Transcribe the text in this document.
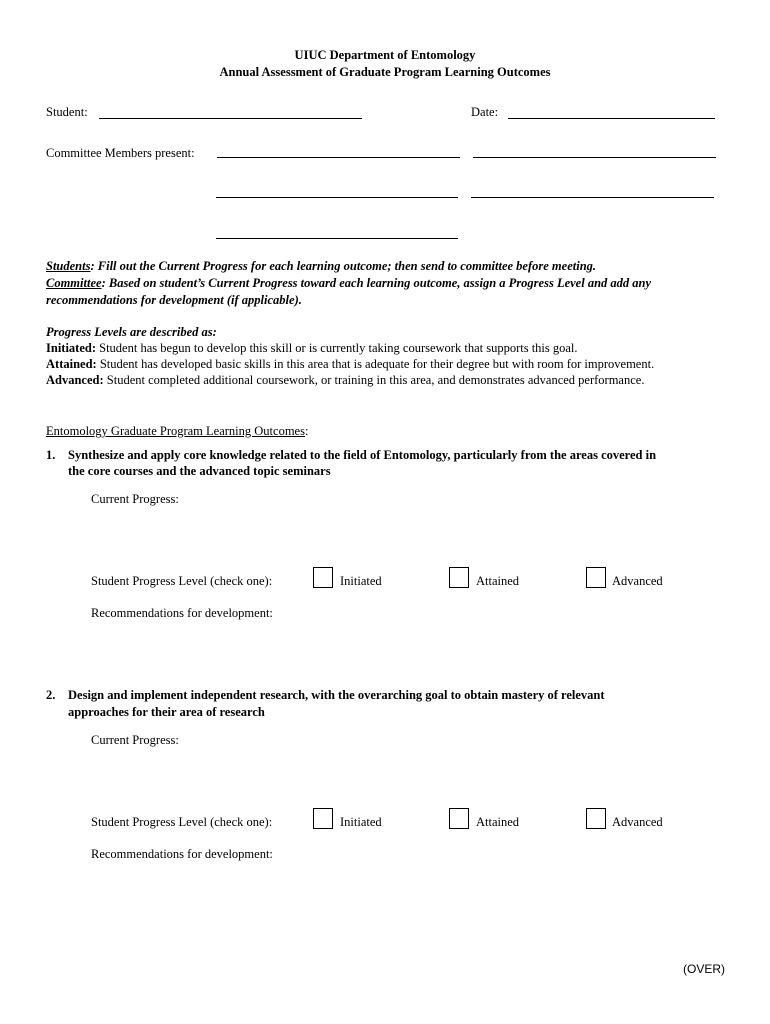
UIUC Department of Entomology
Annual Assessment of Graduate Program Learning Outcomes
Student:	Date:
Committee Members present:
Students: Fill out the Current Progress for each learning outcome; then send to committee before meeting.
Committee: Based on student’s Current Progress toward each learning outcome, assign a Progress Level and add any
recommendations for development (if applicable).
Progress Levels are described as:
Initiated: Student has begun to develop this skill or is currently taking coursework that supports this goal.
Attained: Student has developed basic skills in this area that is adequate for their degree but with room for improvement.
Advanced: Student completed additional coursework, or training in this area, and demonstrates advanced performance.
Entomology Graduate Program Learning Outcomes:
1. Synthesize and apply core knowledge related to the field of Entomology, particularly from the areas covered in
the core courses and the advanced topic seminars
Current Progress:
Student Progress Level (check one):	Initiated	Attained	Advanced
Recommendations for development:
2. Design and implement independent research, with the overarching goal to obtain mastery of relevant
approaches for their area of research
Current Progress:
Student Progress Level (check one):	Initiated	Attained	Advanced
Recommendations for development:
(OVER)
